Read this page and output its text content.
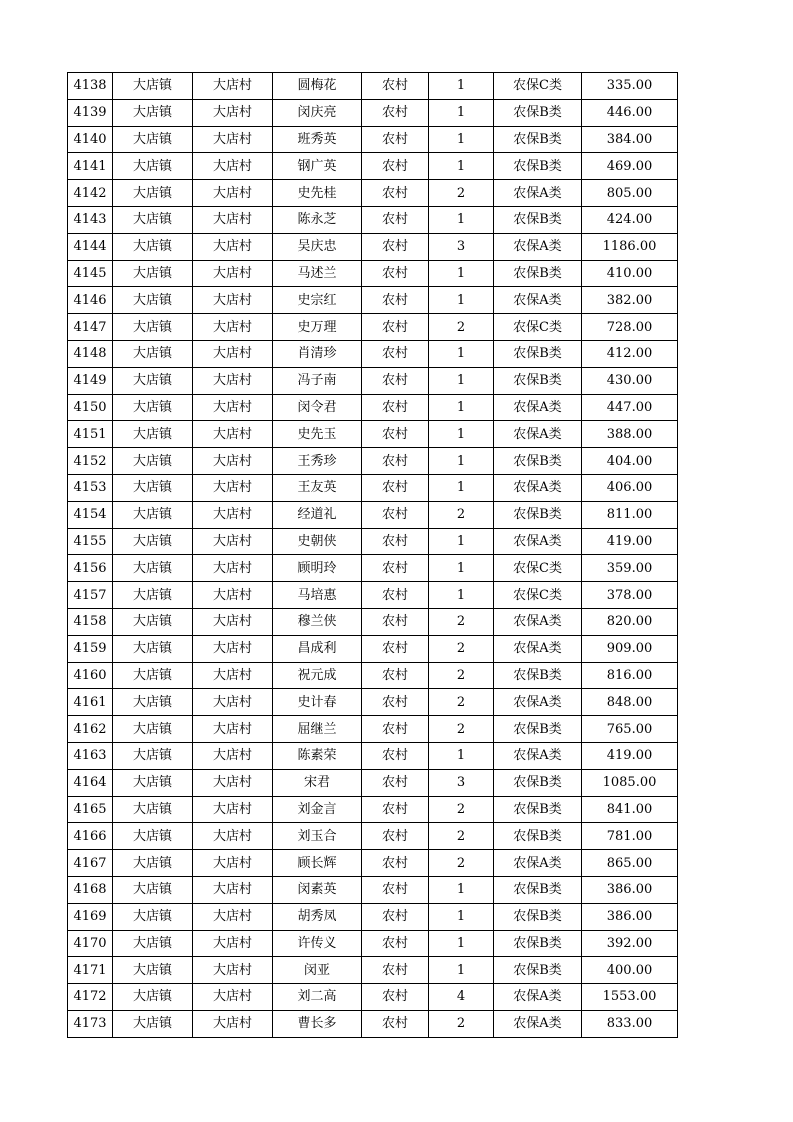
4138	大店镇	大店村	圆梅花	农村	1	农保C类	335.00
4139	大店镇	大店村	闵庆亮	农村	1	农保B类	446.00
4140	大店镇	大店村	班秀英	农村	1	农保B类	384.00
4141	大店镇	大店村	钢广英	农村	1	农保B类	469.00
4142	大店镇	大店村	史先桂	农村	2	农保A类	805.00
4143	大店镇	大店村	陈永芝	农村	1	农保B类	424.00
4144	大店镇	大店村	吴庆忠	农村	3	农保A类	1186.00
4145	大店镇	大店村	马述兰	农村	1	农保B类	410.00
4146	大店镇	大店村	史宗红	农村	1	农保A类	382.00
4147	大店镇	大店村	史万理	农村	2	农保C类	728.00
4148	大店镇	大店村	肖清珍	农村	1	农保B类	412.00
4149	大店镇	大店村	冯子南	农村	1	农保B类	430.00
4150	大店镇	大店村	闵令君	农村	1	农保A类	447.00
4151	大店镇	大店村	史先玉	农村	1	农保A类	388.00
4152	大店镇	大店村	王秀珍	农村	1	农保B类	404.00
4153	大店镇	大店村	王友英	农村	1	农保A类	406.00
4154	大店镇	大店村	经道礼	农村	2	农保B类	811.00
4155	大店镇	大店村	史朝侠	农村	1	农保A类	419.00
4156	大店镇	大店村	顾明玲	农村	1	农保C类	359.00
4157	大店镇	大店村	马培惠	农村	1	农保C类	378.00
4158	大店镇	大店村	穆兰侠	农村	2	农保A类	820.00
4159	大店镇	大店村	昌成利	农村	2	农保A类	909.00
4160	大店镇	大店村	祝元成	农村	2	农保B类	816.00
4161	大店镇	大店村	史计春	农村	2	农保A类	848.00
4162	大店镇	大店村	屈继兰	农村	2	农保B类	765.00
4163	大店镇	大店村	陈素荣	农村	1	农保A类	419.00
4164	大店镇	大店村	宋君	农村	3	农保B类	1085.00
4165	大店镇	大店村	刘金言	农村	2	农保B类	841.00
4166	大店镇	大店村	刘玉合	农村	2	农保B类	781.00
4167	大店镇	大店村	顾长辉	农村	2	农保A类	865.00
4168	大店镇	大店村	闵素英	农村	1	农保B类	386.00
4169	大店镇	大店村	胡秀凤	农村	1	农保B类	386.00
4170	大店镇	大店村	许传义	农村	1	农保B类	392.00
4171	大店镇	大店村	闵亚	农村	1	农保B类	400.00
4172	大店镇	大店村	刘二高	农村	4	农保A类	1553.00
4173	大店镇	大店村	曹长多	农村	2	农保A类	833.00
